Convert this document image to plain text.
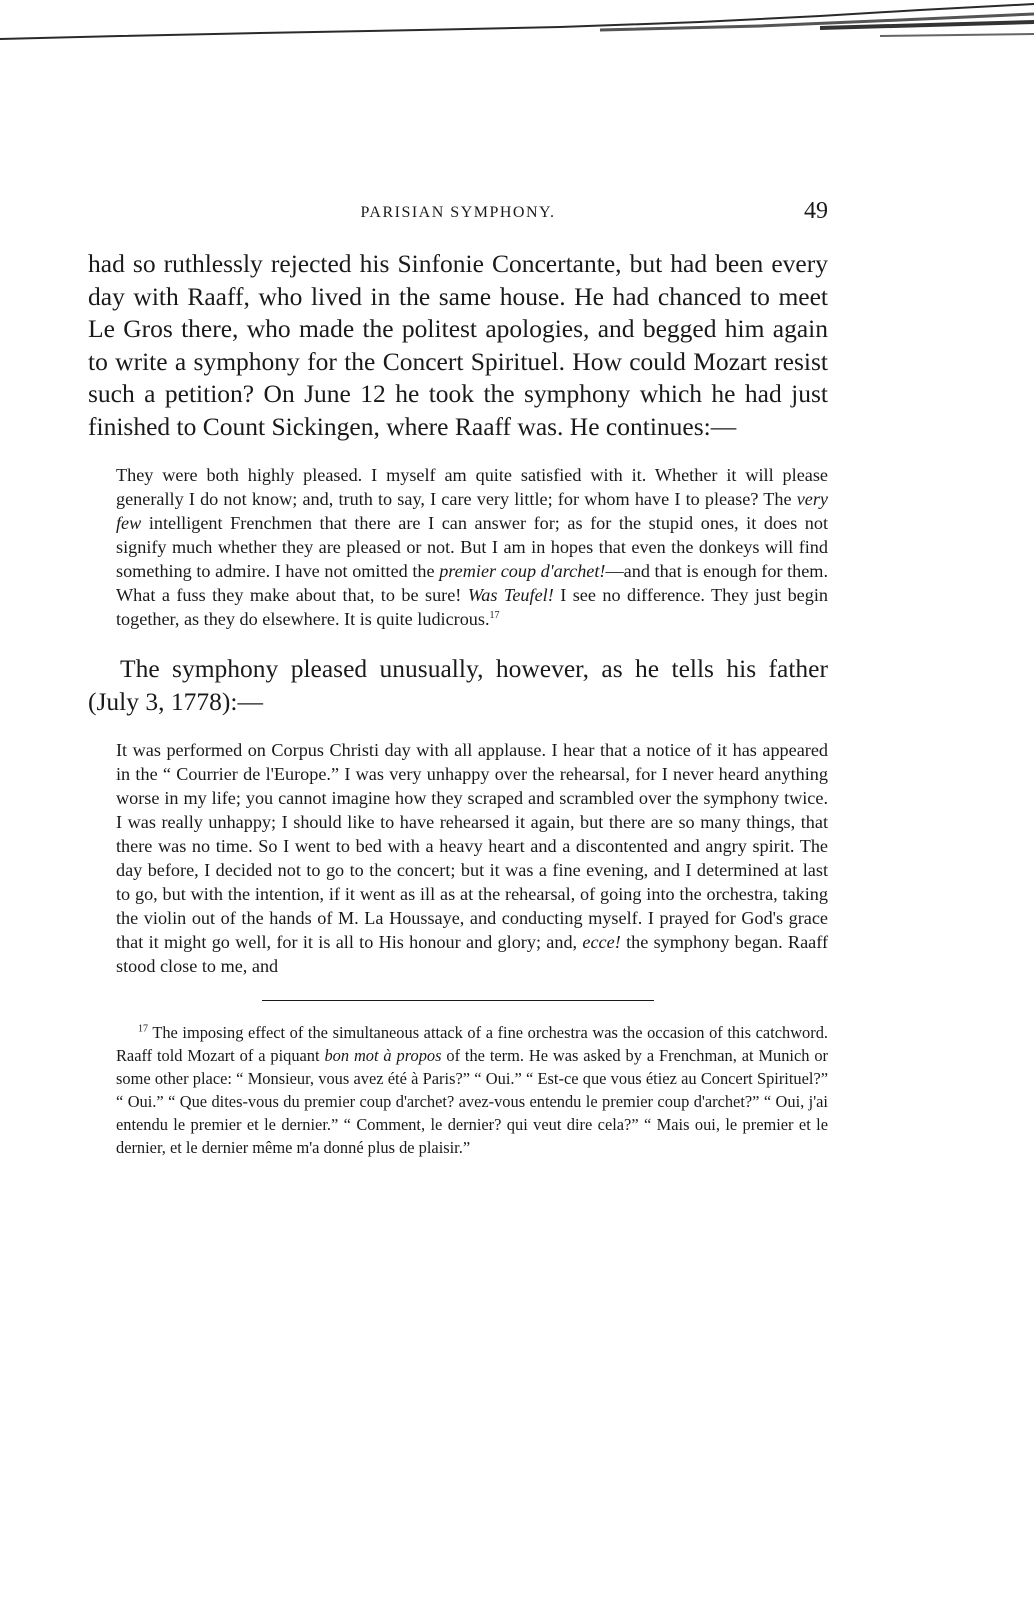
PARISIAN SYMPHONY.	49

had so ruthlessly rejected his Sinfonie Concertante, but had been every day with Raaff, who lived in the same house. He had chanced to meet Le Gros there, who made the politest apologies, and begged him again to write a symphony for the Concert Spirituel. How could Mozart resist such a petition? On June 12 he took the symphony which he had just finished to Count Sickingen, where Raaff was. He continues:—

They were both highly pleased. I myself am quite satisfied with it. Whether it will please generally I do not know; and, truth to say, I care very little; for whom have I to please? The very few intelligent Frenchmen that there are I can answer for; as for the stupid ones, it does not signify much whether they are pleased or not. But I am in hopes that even the donkeys will find something to admire. I have not omitted the premier coup d'archet!—and that is enough for them. What a fuss they make about that, to be sure! Was Teufel! I see no difference. They just begin together, as they do elsewhere. It is quite ludicrous.$^{17}$

The symphony pleased unusually, however, as he tells his father (July 3, 1778):—

It was performed on Corpus Christi day with all applause. I hear that a notice of it has appeared in the “ Courrier de l'Europe.” I was very unhappy over the rehearsal, for I never heard anything worse in my life; you cannot imagine how they scraped and scrambled over the symphony twice. I was really unhappy; I should like to have rehearsed it again, but there are so many things, that there was no time. So I went to bed with a heavy heart and a discontented and angry spirit. The day before, I decided not to go to the concert; but it was a fine evening, and I determined at last to go, but with the intention, if it went as ill as at the rehearsal, of going into the orchestra, taking the violin out of the hands of M. La Houssaye, and conducting myself. I prayed for God's grace that it might go well, for it is all to His honour and glory; and, ecce! the symphony began. Raaff stood close to me, and

$^{17}$ The imposing effect of the simultaneous attack of a fine orchestra was the occasion of this catchword. Raaff told Mozart of a piquant bon mot à propos of the term. He was asked by a Frenchman, at Munich or some other place: “ Monsieur, vous avez été à Paris?” “ Oui.” “ Est-ce que vous étiez au Concert Spirituel?” “ Oui.” “ Que dites-vous du premier coup d'archet? avez-vous entendu le premier coup d'archet?” “ Oui, j'ai entendu le premier et le dernier.” “ Comment, le dernier? qui veut dire cela?” “ Mais oui, le premier et le dernier, et le dernier même m'a donné plus de plaisir.”
